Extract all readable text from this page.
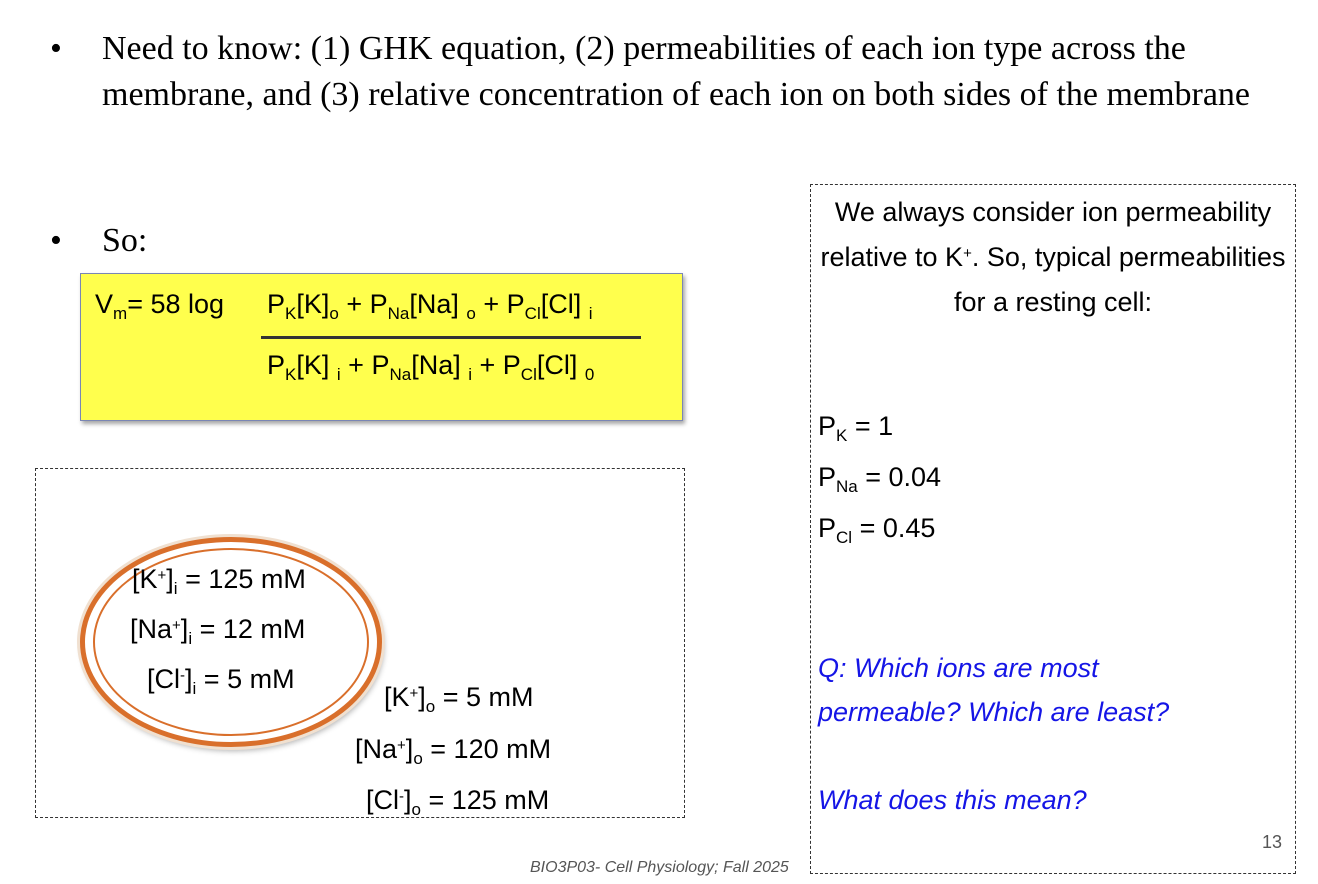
• Need to know: (1) GHK equation, (2) permeabilities of each ion type across the membrane, and (3) relative concentration of each ion on both sides of the membrane
• So:
$V_m= 58$ $\log P_K[K]_o + P_{Na}[Na] _o + P_{Cl}[Cl]$ $_i$
$P_K[K] _i + P_{Na}[Na] _i + P_{Cl}[Cl]$ $_0$
$[K^+]_i = 125$ mM
$[Na^+]_i = 12$ mM
$[Cl^-]_i = 5$ mM
$[K^+]_o = 5$ mM
$[Na^+]_o = 120$ mM
$[Cl^-]_o = 125$ mM
We always consider ion permeability relative to K+. So, typical permeabilities for a resting cell:
$P_K = 1$
$P_{Na} = 0.04$
$P_{Cl} = 0.45$
Q: Which ions are most
permeable? Which are least?
What does this mean?
13
BIO3P03- Cell Physiology; Fall 2025
